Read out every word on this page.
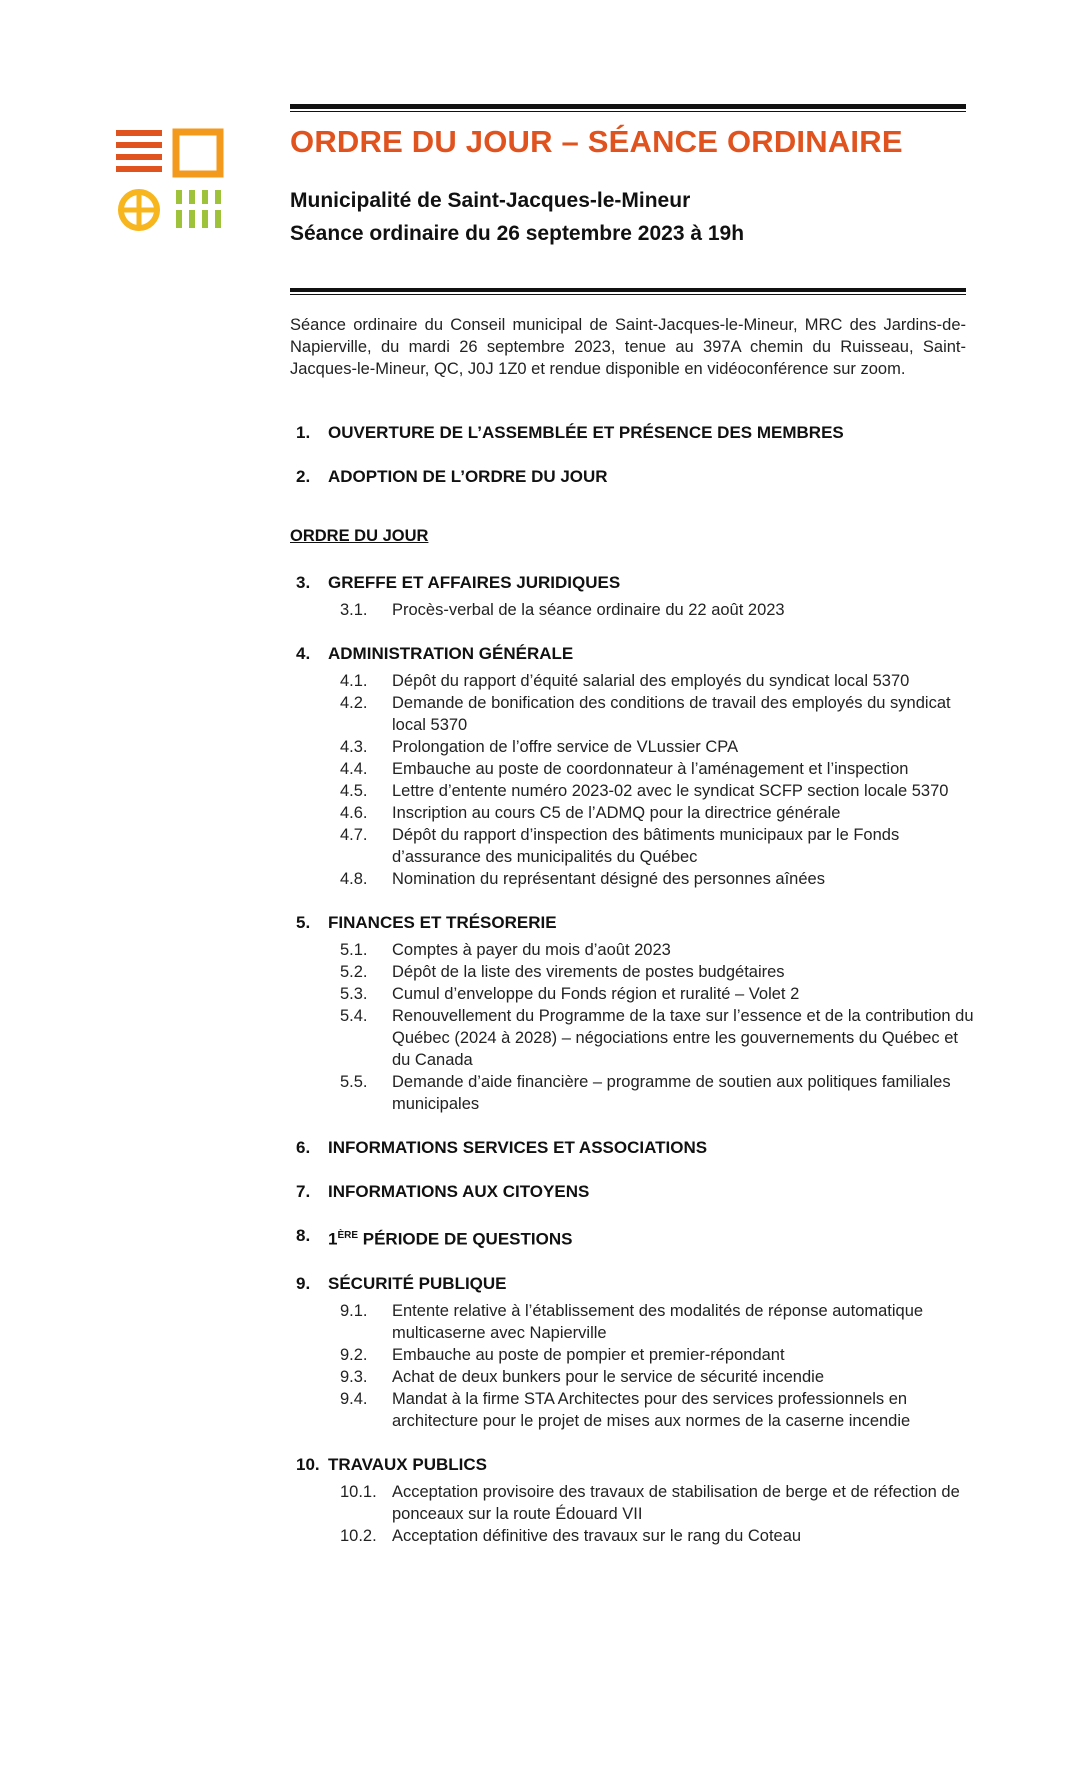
ORDRE DU JOUR – SÉANCE ORDINAIRE
Municipalité de Saint-Jacques-le-Mineur
Séance ordinaire du 26 septembre 2023 à 19h

Séance ordinaire du Conseil municipal de Saint-Jacques-le-Mineur, MRC des Jardins-de-Napierville, du mardi 26 septembre 2023, tenue au 397A chemin du Ruisseau, Saint-Jacques-le-Mineur, QC, J0J 1Z0 et rendue disponible en vidéoconférence sur zoom.

ORDRE DU JOUR
1.	OUVERTURE DE L’ASSEMBLÉE ET PRÉSENCE DES MEMBRES
2.	ADOPTION DE L’ORDRE DU JOUR
3.	GREFFE ET AFFAIRES JURIDIQUES
3.1.	Procès-verbal de la séance ordinaire du 22 août 2023
4.	ADMINISTRATION GÉNÉRALE
4.1.	Dépôt du rapport d’équité salarial des employés du syndicat local 5370
4.2.	Demande de bonification des conditions de travail des employés du syndicat local 5370
4.3.	Prolongation de l’offre service de VLussier CPA
4.4.	Embauche au poste de coordonnateur à l’aménagement et l’inspection
4.5.	Lettre d’entente numéro 2023-02 avec le syndicat SCFP section locale 5370
4.6.	Inscription au cours C5 de l’ADMQ pour la directrice générale
4.7.	Dépôt du rapport d’inspection des bâtiments municipaux par le Fonds d’assurance des municipalités du Québec
4.8.	Nomination du représentant désigné des personnes aînées
5.	FINANCES ET TRÉSORERIE
5.1.	Comptes à payer du mois d’août 2023
5.2.	Dépôt de la liste des virements de postes budgétaires
5.3.	Cumul d’enveloppe du Fonds région et ruralité – Volet 2
5.4.	Renouvellement du Programme de la taxe sur l’essence et de la contribution du Québec (2024 à 2028) – négociations entre les gouvernements du Québec et du Canada
5.5.	Demande d’aide financière – programme de soutien aux politiques familiales municipales
6.	INFORMATIONS SERVICES ET ASSOCIATIONS
7.	INFORMATIONS AUX CITOYENS
8.	1ÈRE PÉRIODE DE QUESTIONS
9.	SÉCURITÉ PUBLIQUE
9.1.	Entente relative à l’établissement des modalités de réponse automatique multicaserne avec Napierville
9.2.	Embauche au poste de pompier et premier-répondant
9.3.	Achat de deux bunkers pour le service de sécurité incendie
9.4.	Mandat à la firme STA Architectes pour des services professionnels en architecture pour le projet de mises aux normes de la caserne incendie
10. TRAVAUX PUBLICS
10.1. Acceptation provisoire des travaux de stabilisation de berge et de réfection de ponceaux sur la route Édouard VII
10.2. Acceptation définitive des travaux sur le rang du Coteau
